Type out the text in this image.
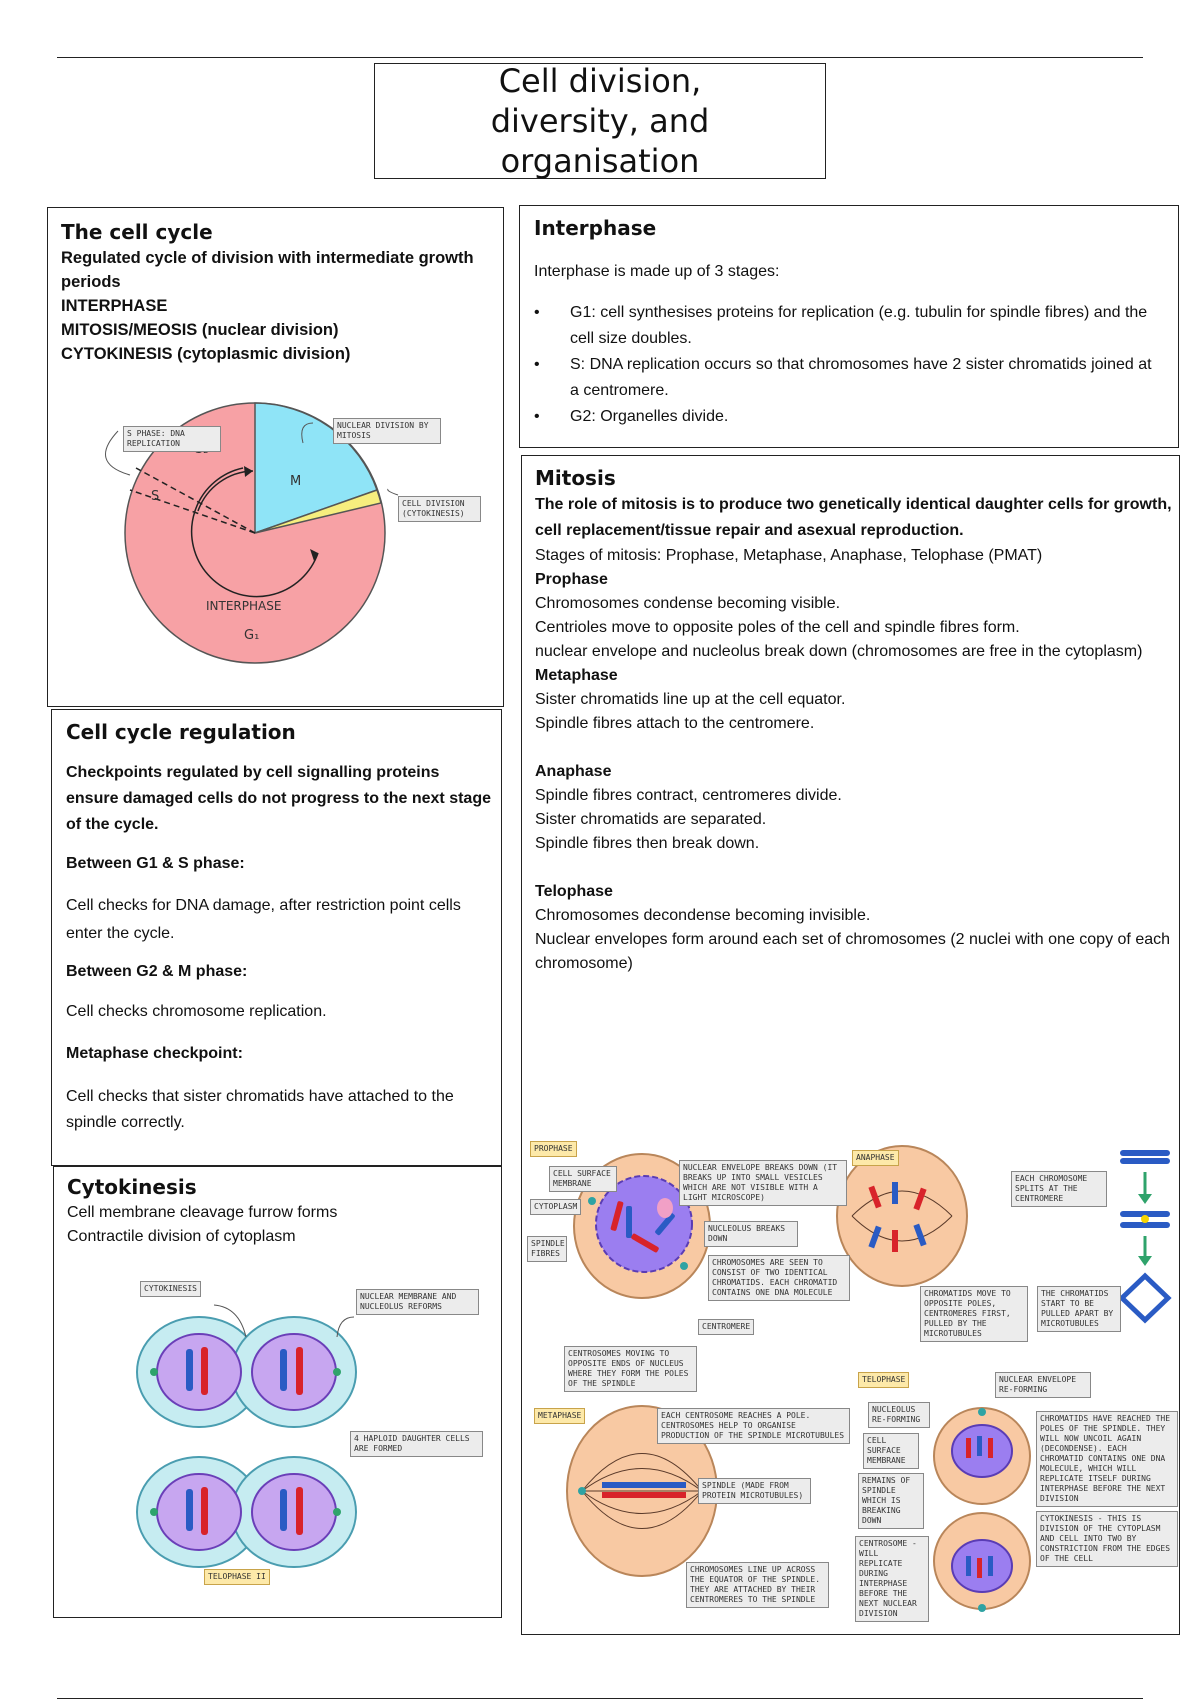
Cell division, diversity, and organisation

The cell cycle

Regulated cycle of division with intermediate growth periods

INTERPHASE

MITOSIS/MEOSIS (nuclear division)

CYTOKINESIS (cytoplasmic division)

S
M
INTERPHASE
G₁
S PHASE: DNA REPLICATION
NUCLEAR DIVISION BY MITOSIS
CELL DIVISION (CYTOKINESIS)

Cell cycle regulation

Checkpoints regulated by cell signalling proteins ensure damaged cells do not progress to the next stage of the cycle.

Between G1 & S phase:

Cell checks for DNA damage, after restriction point cells enter the cycle.

Between G2 & M phase:

Cell checks chromosome replication.

Metaphase checkpoint:

Cell checks that sister chromatids have attached to the spindle correctly.

Cytokinesis

Cell membrane cleavage furrow forms

Contractile division of cytoplasm

CYTOKINESIS
NUCLEAR MEMBRANE AND NUCLEOLUS REFORMS
4 HAPLOID DAUGHTER CELLS ARE FORMED
TELOPHASE II

Interphase

Interphase is made up of 3 stages:

• G1: cell synthesises proteins for replication (e.g. tubulin for spindle fibres) and the cell size doubles.
• S: DNA replication occurs so that chromosomes have 2 sister chromatids joined at a centromere.
• G2: Organelles divide.

Mitosis

The role of mitosis is to produce two genetically identical daughter cells for growth, cell replacement/tissue repair and asexual reproduction.

Stages of mitosis: Prophase, Metaphase, Anaphase, Telophase (PMAT)

Prophase

Chromosomes condense becoming visible.

Centrioles move to opposite poles of the cell and spindle fibres form.

nuclear envelope and nucleolus break down (chromosomes are free in the cytoplasm)

Metaphase

Sister chromatids line up at the cell equator.

Spindle fibres attach to the centromere.

Anaphase

Spindle fibres contract, centromeres divide.

Sister chromatids are separated.

Spindle fibres then break down.

Telophase

Chromosomes decondense becoming invisible.

Nuclear envelopes form around each set of chromosomes (2 nuclei with one copy of each chromosome)

PROPHASE
CELL SURFACE MEMBRANE
CYTOPLASM
SPINDLE FIBRES
NUCLEAR ENVELOPE BREAKS DOWN (IT BREAKS UP INTO SMALL VESICLES WHICH ARE NOT VISIBLE WITH A LIGHT MICROSCOPE)
NUCLEOLUS BREAKS DOWN
CHROMOSOMES ARE SEEN TO CONSIST OF TWO IDENTICAL CHROMATIDS. EACH CHROMATID CONTAINS ONE DNA MOLECULE
CENTROMERE
CENTROSOMES MOVING TO OPPOSITE ENDS OF NUCLEUS WHERE THEY FORM THE POLES OF THE SPINDLE
ANAPHASE
EACH CHROMOSOME SPLITS AT THE CENTROMERE
CHROMATIDS MOVE TO OPPOSITE POLES, CENTROMERES FIRST, PULLED BY THE MICROTUBULES
THE CHROMATIDS START TO BE PULLED APART BY MICROTUBULES
METAPHASE	EACH CENTROSOME REACHES A POLE. CENTROSOMES HELP TO ORGANISE PRODUCTION OF THE SPINDLE MICROTUBULES
SPINDLE (MADE FROM PROTEIN MICROTUBULES)
CHROMOSOMES LINE UP ACROSS THE EQUATOR OF THE SPINDLE. THEY ARE ATTACHED BY THEIR CENTROMERES TO THE SPINDLE
TELOPHASE	NUCLEAR ENVELOPE RE-FORMING
NUCLEOLUS RE-FORMING
CELL SURFACE MEMBRANE
REMAINS OF SPINDLE WHICH IS BREAKING DOWN
CENTROSOME - WILL REPLICATE DURING INTERPHASE BEFORE THE NEXT NUCLEAR DIVISION
CHROMATIDS HAVE REACHED THE POLES OF THE SPINDLE. THEY WILL NOW UNCOIL AGAIN (DECONDENSE). EACH CHROMATID CONTAINS ONE DNA MOLECULE, WHICH WILL REPLICATE ITSELF DURING INTERPHASE BEFORE THE NEXT DIVISION
CYTOKINESIS - THIS IS DIVISION OF THE CYTOPLASM AND CELL INTO TWO BY CONSTRICTION FROM THE EDGES OF THE CELL
